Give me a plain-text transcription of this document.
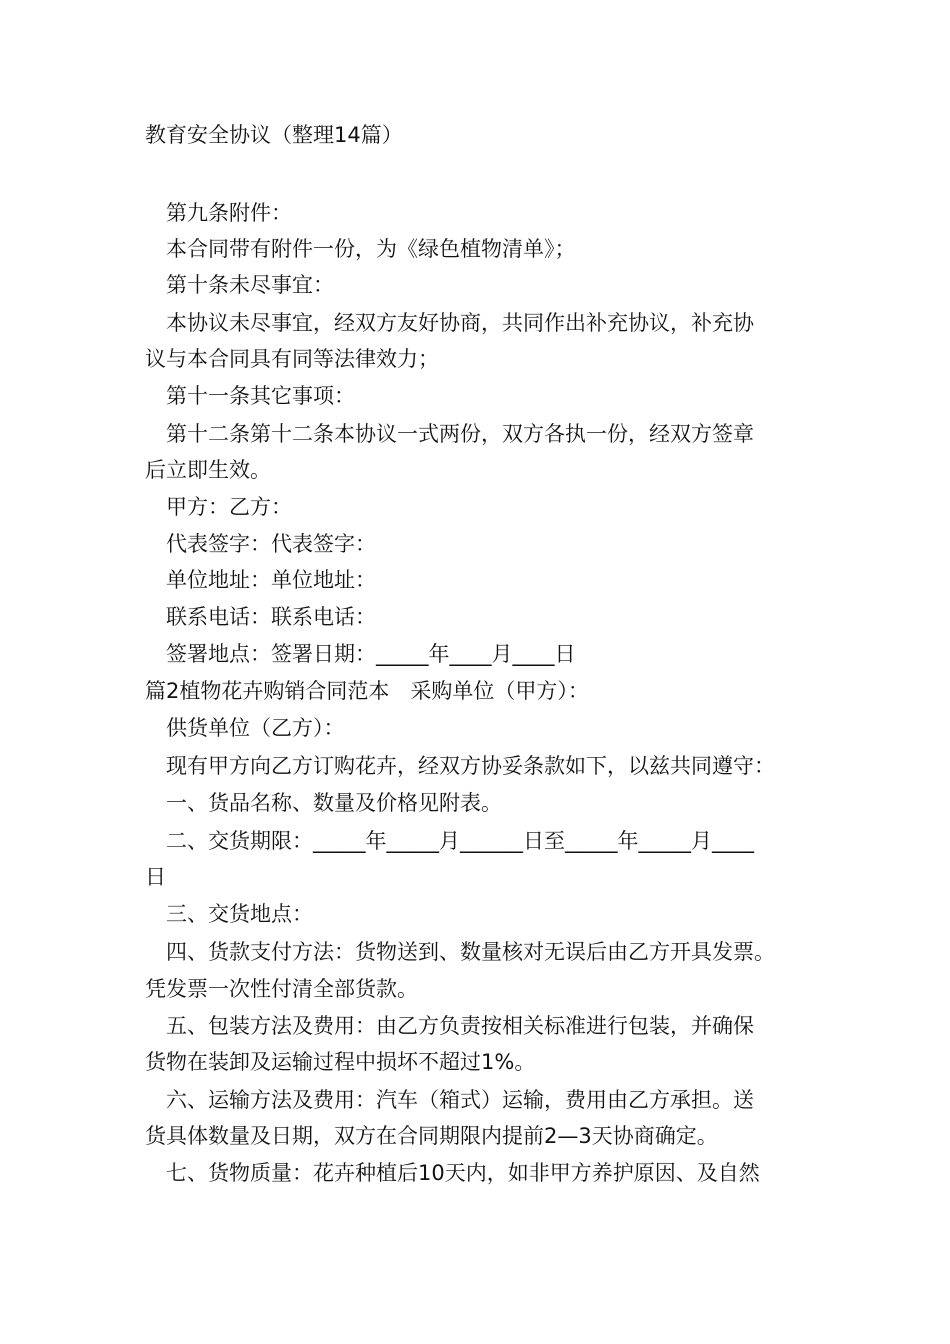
教育安全协议（整理14篇）
　第九条附件：
　本合同带有附件一份，为《绿色植物清单》；
　第十条未尽事宜：
　本协议未尽事宜，经双方友好协商，共同作出补充协议，补充协
议与本合同具有同等法律效力；
　第十一条其它事项：
　第十二条第十二条本协议一式两份，双方各执一份，经双方签章
后立即生效。
　甲方：乙方：
　代表签字：代表签字：
　单位地址：单位地址：
　联系电话：联系电话：
　签署地点：签署日期：_____年____月____日
篇2植物花卉购销合同范本　采购单位（甲方）：
　供货单位（乙方）：
　现有甲方向乙方订购花卉，经双方协妥条款如下，以兹共同遵守：
　一、货品名称、数量及价格见附表。
　二、交货期限：_____年_____月______日至_____年_____月____
日
　三、交货地点：
　四、货款支付方法：货物送到、数量核对无误后由乙方开具发票。
凭发票一次性付清全部货款。
　五、包装方法及费用：由乙方负责按相关标准进行包装，并确保
货物在装卸及运输过程中损坏不超过1%。
　六、运输方法及费用：汽车（箱式）运输，费用由乙方承担。送
货具体数量及日期，双方在合同期限内提前2—3天协商确定。
　七、货物质量：花卉种植后10天内，如非甲方养护原因、及自然
